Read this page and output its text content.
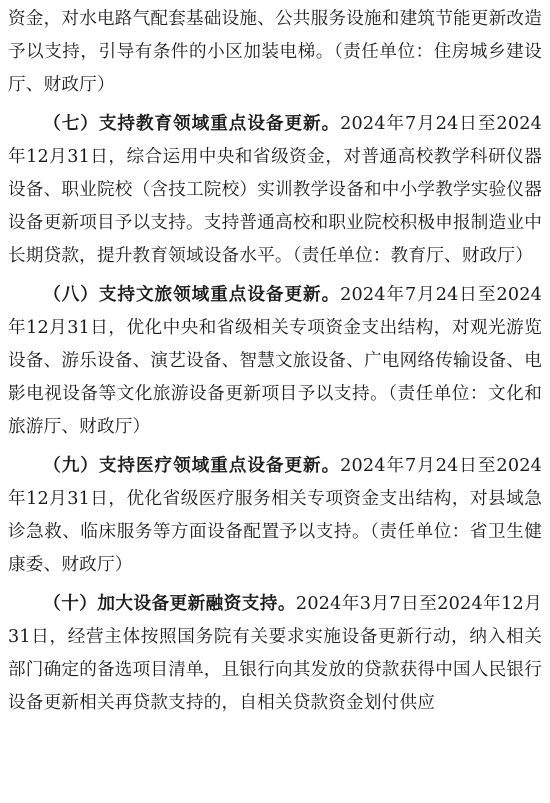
资金，对水电路气配套基础设施、公共服务设施和建筑节能更新改造予以支持，引导有条件的小区加装电梯。（责任单位：住房城乡建设厅、财政厅）

（七）支持教育领域重点设备更新。2024年7月24日至2024年12月31日，综合运用中央和省级资金，对普通高校教学科研仪器设备、职业院校（含技工院校）实训教学设备和中小学教学实验仪器设备更新项目予以支持。支持普通高校和职业院校积极申报制造业中长期贷款，提升教育领域设备水平。（责任单位：教育厅、财政厅）

（八）支持文旅领域重点设备更新。2024年7月24日至2024年12月31日，优化中央和省级相关专项资金支出结构，对观光游览设备、游乐设备、演艺设备、智慧文旅设备、广电网络传输设备、电影电视设备等文化旅游设备更新项目予以支持。（责任单位：文化和旅游厅、财政厅）

（九）支持医疗领域重点设备更新。2024年7月24日至2024年12月31日，优化省级医疗服务相关专项资金支出结构，对县域急诊急救、临床服务等方面设备配置予以支持。（责任单位：省卫生健康委、财政厅）

（十）加大设备更新融资支持。2024年3月7日至2024年12月31日，经营主体按照国务院有关要求实施设备更新行动，纳入相关部门确定的备选项目清单，且银行向其发放的贷款获得中国人民银行设备更新相关再贷款支持的，自相关贷款资金划付供应
